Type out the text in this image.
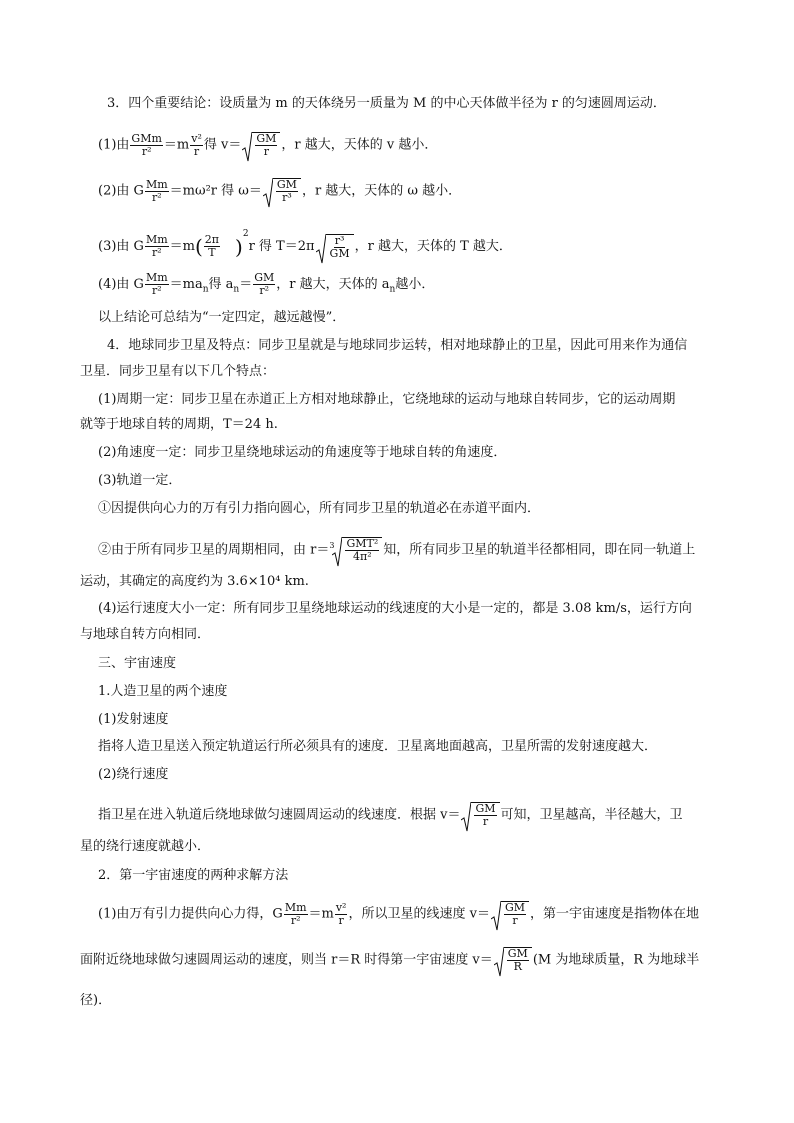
3．四个重要结论：设质量为 m 的天体绕另一质量为 M 的中心天体做半径为 r 的匀速圆周运动．
(1)由 $\frac{\text{GMm}}{\text{r²}} =m \frac{\text{v²}}{r}$ 得 $v= \frac{GM}{r}$ ，r 越大，天体的 v 越小．
(2)由 G $\frac{Mm}{\text{r²}} =m\omega^2r$ 得 $\omega= \frac{GM}{\text{r³}}$ ，r 越大，天体的 ω 越小．
(3)由 G $\frac{Mm}{\text{r²}} =m( \frac{2\pi}{T} )^2r$ 得 $T=2\pi \frac{\text{r³}}{GM}$ ，r 越大，天体的 T 越大．
(4)由 G $\frac{Mm}{\text{r²}} =ma_n$得 $a_n= \frac{GM}{\text{r²}}$ ，r 越大，天体的 $a_n$越小．
以上结论可总结为“一定四定，越远越慢”．
4．地球同步卫星及特点：同步卫星就是与地球同步运转，相对地球静止的卫星，因此可用来作为通信
卫星．同步卫星有以下几个特点：
(1)周期一定：同步卫星在赤道正上方相对地球静止，它绕地球的运动与地球自转同步，它的运动周期
就等于地球自转的周期，T＝24 h.
(2)角速度一定：同步卫星绕地球运动的角速度等于地球自转的角速度．
(3)轨道一定．
①因提供向心力的万有引力指向圆心，所有同步卫星的轨道必在赤道平面内．
②由于所有同步卫星的周期相同，由 $r=^3 \frac{\text{GMT²}}{\text{4π²}}$ 知，所有同步卫星的轨道半径都相同，即在同一轨道上
运动，其确定的高度约为 3.6×10⁴ km.
(4)运行速度大小一定：所有同步卫星绕地球运动的线速度的大小是一定的，都是 3.08 km/s，运行方向
与地球自转方向相同．
三、宇宙速度
1.人造卫星的两个速度
(1)发射速度
指将人造卫星送入预定轨道运行所必须具有的速度．卫星离地面越高，卫星所需的发射速度越大．
(2)绕行速度
指卫星在进入轨道后绕地球做匀速圆周运动的线速度．根据 $v= \frac{GM}{r}$ 可知，卫星越高，半径越大，卫
星的绕行速度就越小．
2．第一宇宙速度的两种求解方法
(1)由万有引力提供向心力得，G $\frac{Mm}{\text{r²}} =m \frac{\text{v²}}{r}$ ，所以卫星的线速度 $v= \frac{GM}{r}$ ，第一宇宙速度是指物体在地
面附近绕地球做匀速圆周运动的速度，则当 r＝R 时得第一宇宙速度 $v= \frac{GM}{R} (M$ 为地球质量，R 为地球半
径)．
